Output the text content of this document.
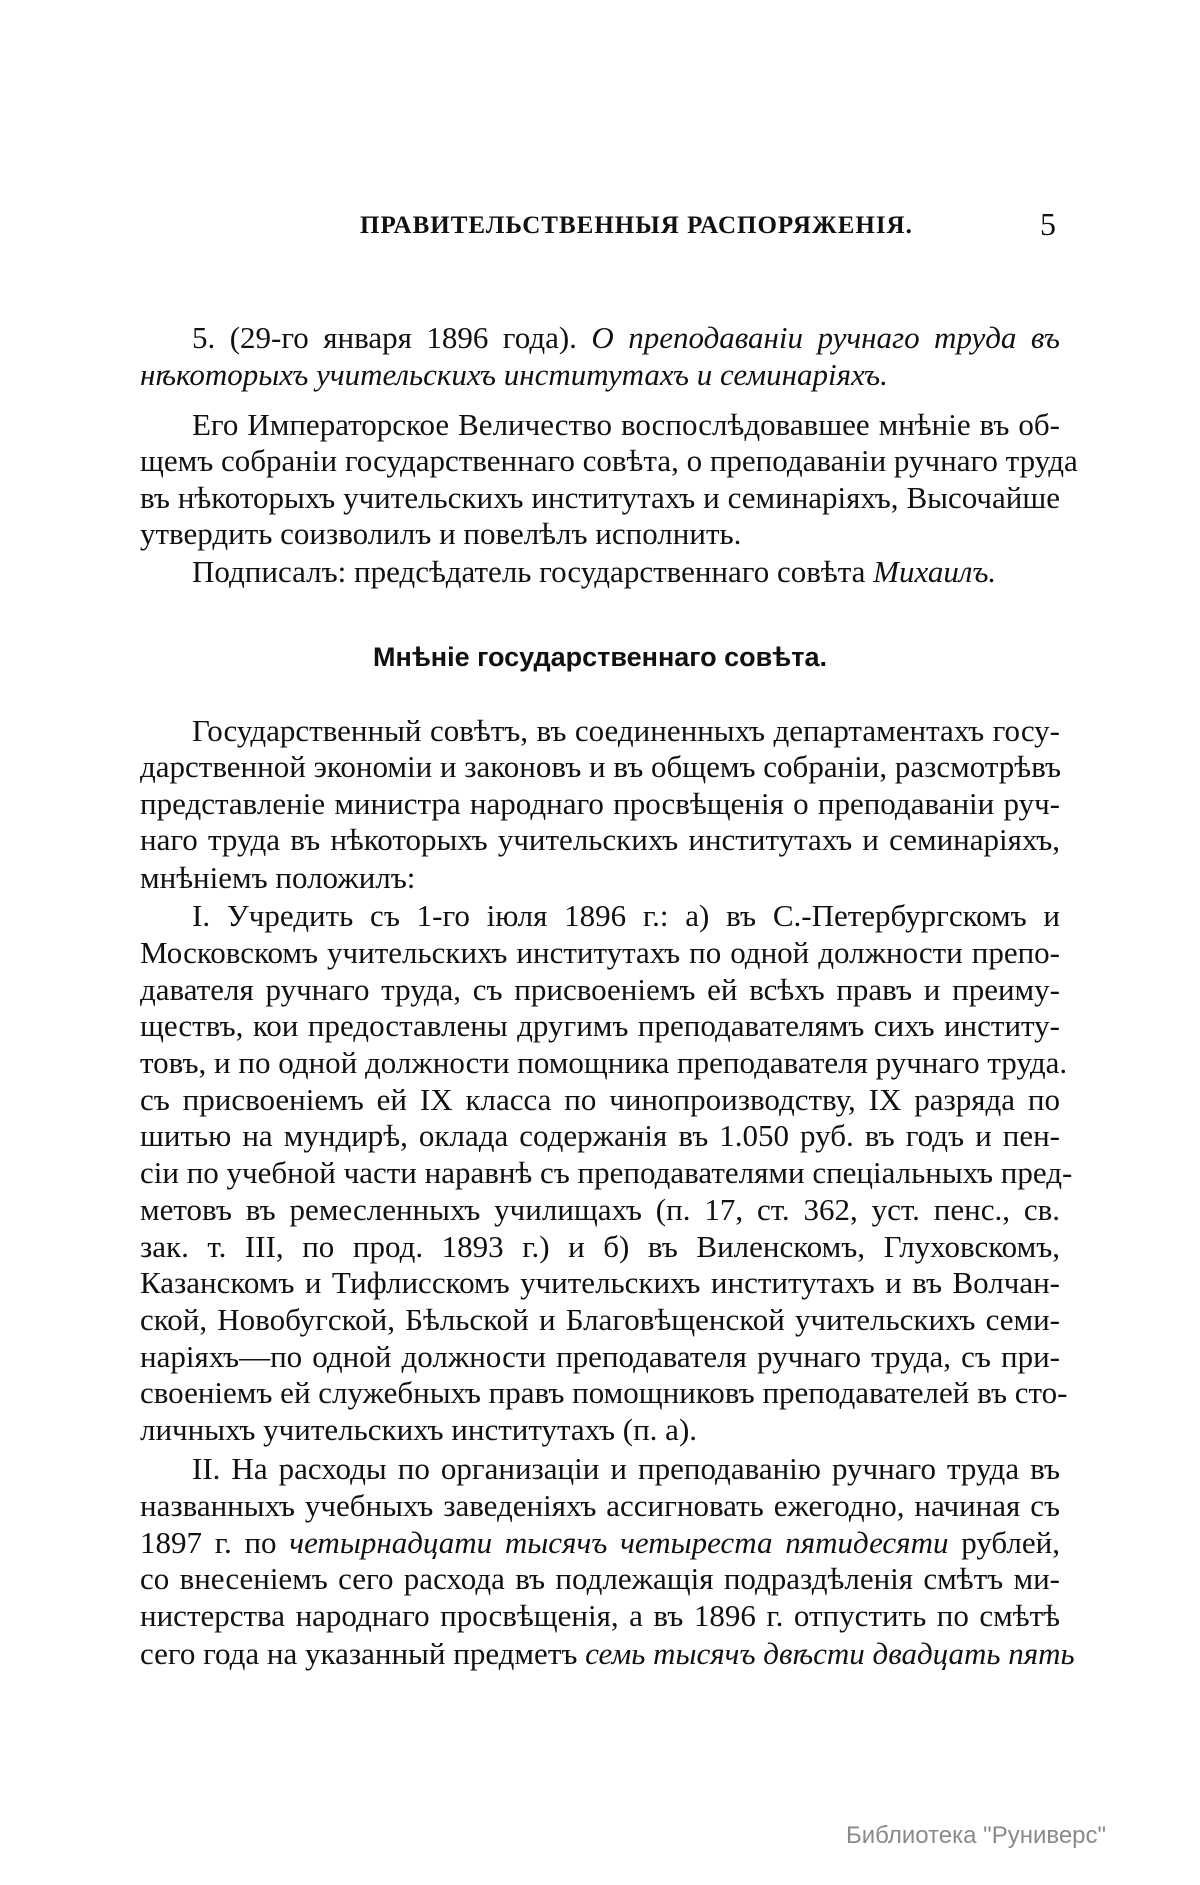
ПРАВИТЕЛЬСТВЕННЫЯ РАСПОРЯЖЕНІЯ.	5
5. (29-го января 1896 года). О преподаваніи ручнаго труда въ
нѣкоторыхъ учительскихъ институтахъ и семинаріяхъ.
Его Императорское Величество воспослѣдовавшее мнѣніе въ об-
щемъ собраніи государственнаго совѣта, о преподаваніи ручнаго труда
въ нѣкоторыхъ учительскихъ институтахъ и семинаріяхъ, Высочайше
утвердить соизволилъ и повелѣлъ исполнить.
Подписалъ: предсѣдатель государственнаго совѣта Михаилъ.
Государственный совѣтъ, въ соединенныхъ департаментахъ госу-
дарственной экономіи и законовъ и въ общемъ собраніи, разсмотрѣвъ
представленіе министра народнаго просвѣщенія о преподаваніи руч-
наго труда въ нѣкоторыхъ учительскихъ институтахъ и семинаріяхъ,
мнѣніемъ положилъ:
I. Учредить съ 1-го іюля 1896 г.: а) въ С.-Петербургскомъ и
Московскомъ учительскихъ институтахъ по одной должности препо-
давателя ручнаго труда, съ присвоеніемъ ей всѣхъ правъ и преиму-
ществъ, кои предоставлены другимъ преподавателямъ сихъ институ-
товъ, и по одной должности помощника преподавателя ручнаго труда.
съ присвоеніемъ ей IX класса по чинопроизводству, IX разряда по
шитью на мундирѣ, оклада содержанія въ 1.050 руб. въ годъ и пен-
сіи по учебной части наравнѣ съ преподавателями спеціальныхъ пред-
метовъ въ ремесленныхъ училищахъ (п. 17, ст. 362, уст. пенс., св.
зак. т. III, по прод. 1893 г.) и б) въ Виленскомъ, Глуховскомъ,
Казанскомъ и Тифлисскомъ учительскихъ институтахъ и въ Волчан-
ской, Новобугской, Бѣльской и Благовѣщенской учительскихъ семи-
наріяхъ—по одной должности преподавателя ручнаго труда, съ при-
своеніемъ ей служебныхъ правъ помощниковъ преподавателей въ сто-
личныхъ учительскихъ институтахъ (п. а).
II. На расходы по организаціи и преподаванію ручнаго труда въ
названныхъ учебныхъ заведеніяхъ ассигновать ежегодно, начиная съ
1897 г. по четырнадцати тысячъ четыреста пятидесяти рублей,
со внесеніемъ сего расхода въ подлежащія подраздѣленія смѣтъ ми-
нистерства народнаго просвѣщенія, а въ 1896 г. отпустить по смѣтѣ
сего года на указанный предметъ семь тысячъ двѣсти двадцать пять
Мнѣніе государственнаго совѣта.
Библиотека "Руниверс"
